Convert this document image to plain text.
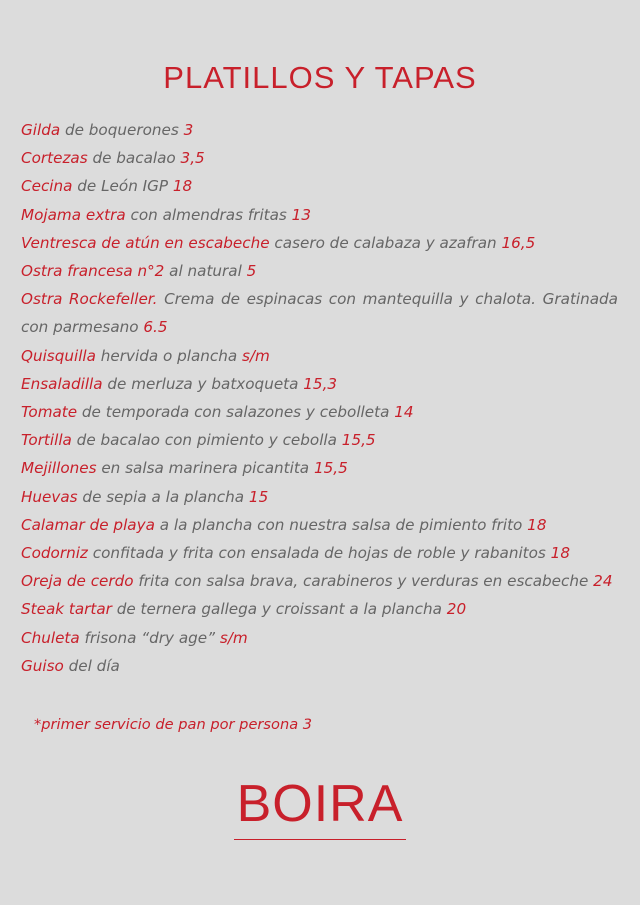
PLATILLOS Y TAPAS
Gilda de boquerones 3
Cortezas de bacalao 3,5
Cecina de León IGP 18
Mojama extra con almendras fritas 13
Ventresca de atún en escabeche casero de calabaza y azafran 16,5
Ostra francesa n°2 al natural 5
Ostra Rockefeller. Crema de espinacas con mantequilla y chalota. Gratinada con parmesano 6.5
Quisquilla hervida o plancha s/m
Ensaladilla de merluza y batxoqueta 15,3
Tomate de temporada con salazones y cebolleta 14
Tortilla de bacalao con pimiento y cebolla 15,5
Mejillones en salsa marinera picantita 15,5
Huevas de sepia a la plancha 15
Calamar de playa a la plancha con nuestra salsa de pimiento frito 18
Codorniz confitada y frita con ensalada de hojas de roble y rabanitos 18
Oreja de cerdo frita con salsa brava, carabineros y verduras en escabeche 24
Steak tartar de ternera gallega y croissant a la plancha 20
Chuleta frisona “dry age” s/m
Guiso del día
*primer servicio de pan por persona 3
BOIRA
